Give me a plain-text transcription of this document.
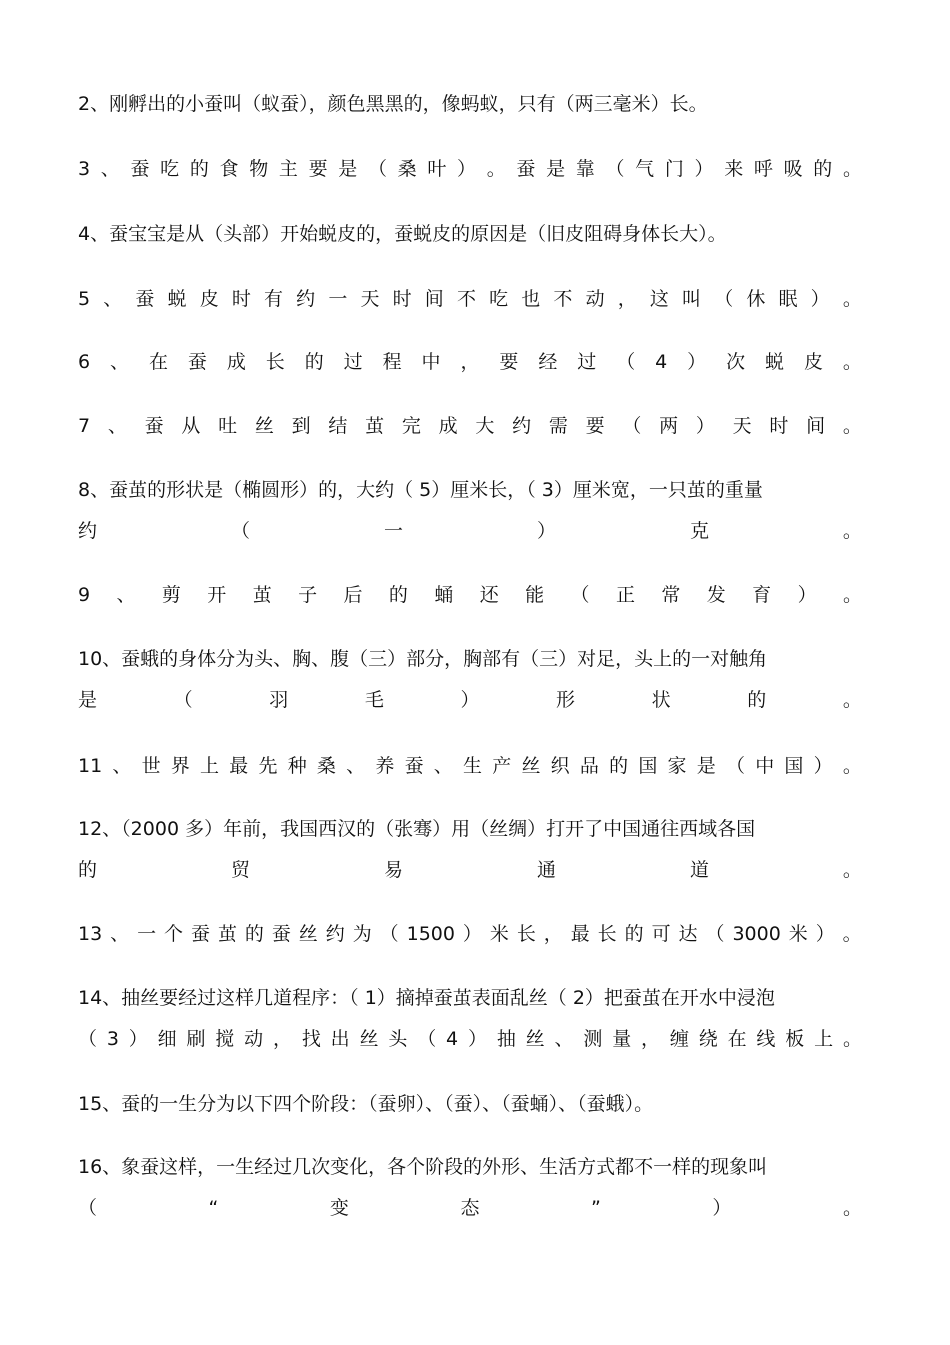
2、刚孵出的小蚕叫（蚁蚕），颜色黑黑的，像蚂蚁，只有（两三毫米）长。
3 、 蚕 吃 的 食 物 主 要 是 （ 桑 叶 ） 。 蚕 是 靠 （ 气 门 ） 来 呼 吸 的 。
4、蚕宝宝是从（头部）开始蜕皮的，蚕蜕皮的原因是（旧皮阻碍身体长大）。
5 、 蚕 蜕 皮 时 有 约 一 天 时 间 不 吃 也 不 动 ， 这 叫 （ 休 眠 ） 。
6 、 在 蚕 成 长 的 过 程 中 ， 要 经 过 （ 4 ） 次 蜕 皮 。
7 、 蚕 从 吐 丝 到 结 茧 完 成 大 约 需 要 （ 两 ） 天 时 间 。
8、蚕茧的形状是（椭圆形）的，大约（ 5）厘米长，（ 3）厘米宽，一只茧的重量
约	（	一	）	克	。
9 、 剪 开 茧 子 后 的 蛹 还 能 （ 正 常 发 育 ） 。
10、蚕蛾的身体分为头、胸、腹（三）部分，胸部有（三）对足，头上的一对触角
是	（	羽	毛	）	形	状	的	。
11 、 世 界 上 最 先 种 桑 、 养 蚕 、 生 产 丝 织 品 的 国 家 是 （ 中 国 ） 。
12、（2000 多）年前，我国西汉的（张骞）用（丝绸）打开了中国通往西域各国
的	贸	易	通	道	。
13 、 一 个 蚕 茧 的 蚕 丝 约 为 （ 1500 ） 米 长 ， 最 长 的 可 达 （ 3000 米 ） 。
14、抽丝要经过这样几道程序：（ 1）摘掉蚕茧表面乱丝（ 2）把蚕茧在开水中浸泡
（ 3 ） 细 刷 搅 动 ， 找 出 丝 头 （ 4 ） 抽 丝 、 测 量 ， 缠 绕 在 线 板 上 。
15、蚕的一生分为以下四个阶段：（蚕卵）、（蚕）、（蚕蛹）、（蚕蛾）。
16、象蚕这样，一生经过几次变化，各个阶段的外形、生活方式都不一样的现象叫
（	“	变	态	”	）	。
